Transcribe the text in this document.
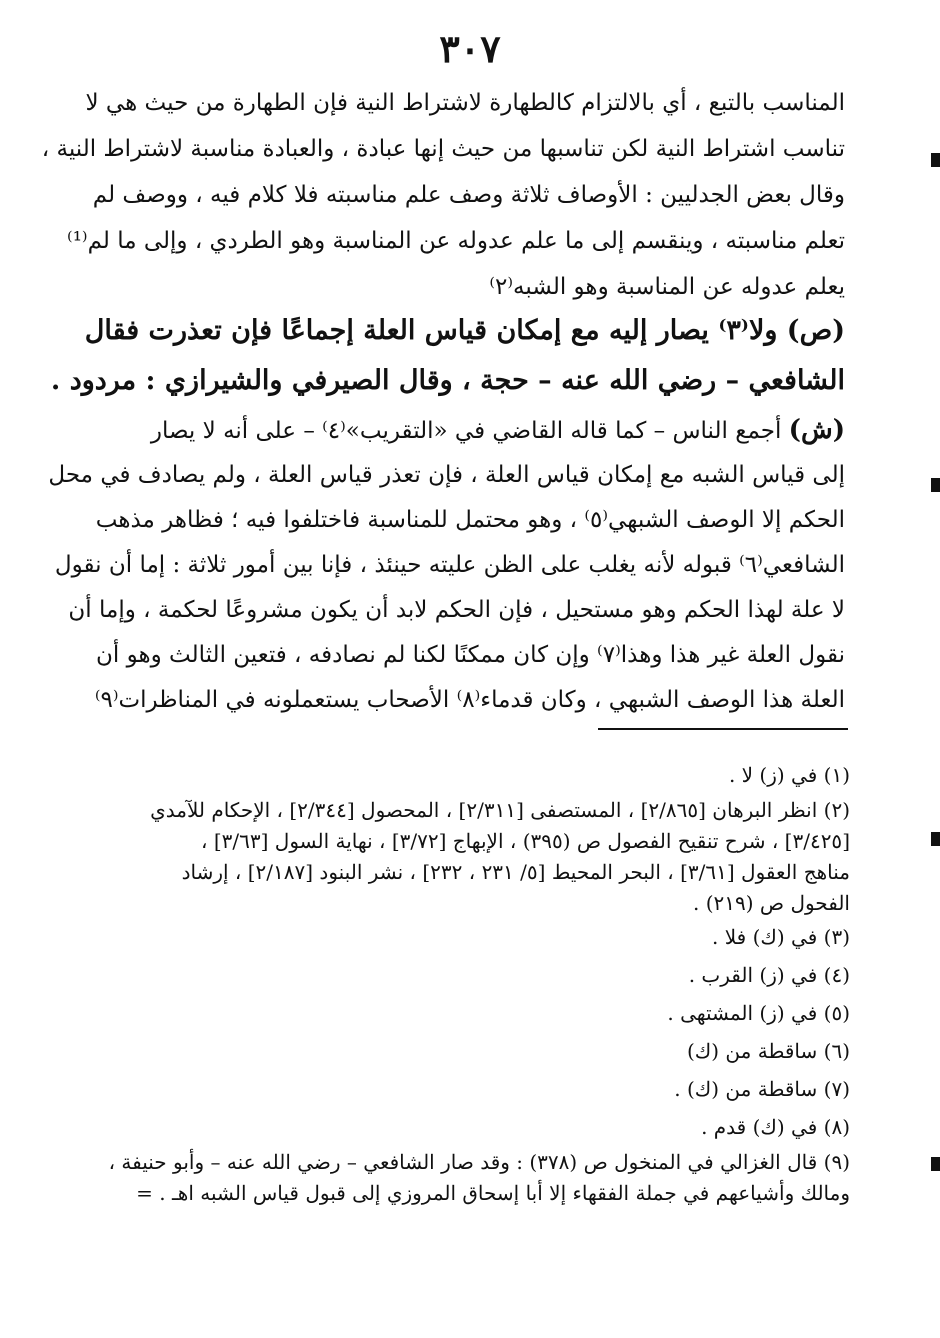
٣٠٧
المناسب بالتبع ، أي بالالتزام كالطهارة لاشتراط النية فإن الطهارة من حيث هي لا
تناسب اشتراط النية لكن تناسبها من حيث إنها عبادة ، والعبادة مناسبة لاشتراط النية ،
وقال بعض الجدليين : الأوصاف ثلاثة وصف علم مناسبته فلا كلام فيه ، ووصف لم
تعلم مناسبته ، وينقسم إلى ما علم عدوله عن المناسبة وهو الطردي ، وإلى ما لم⁽¹⁾
يعلم عدوله عن المناسبة وهو الشبه⁽٢⁾
(ص) ولا⁽٣⁾ يصار إليه مع إمكان قياس العلة إجماعًا فإن تعذرت فقال
الشافعي – رضي الله عنه – حجة ، وقال الصيرفي والشيرازي : مردود .
(ش) أجمع الناس – كما قاله القاضي في «التقريب»⁽٤⁾ – على أنه لا يصار
إلى قياس الشبه مع إمكان قياس العلة ، فإن تعذر قياس العلة ، ولم يصادف في محل
الحكم إلا الوصف الشبهي⁽٥⁾ ، وهو محتمل للمناسبة فاختلفوا فيه ؛ فظاهر مذهب
الشافعي⁽٦⁾ قبوله لأنه يغلب على الظن عليته حينئذ ، فإنا بين أمور ثلاثة : إما أن نقول
لا علة لهذا الحكم وهو مستحيل ، فإن الحكم لابد أن يكون مشروعًا لحكمة ، وإما أن
نقول العلة غير هذا وهذا⁽٧⁾ وإن كان ممكنًا لكنا لم نصادفه ، فتعين الثالث وهو أن
العلة هذا الوصف الشبهي ، وكان قدماء⁽٨⁾ الأصحاب يستعملونه في المناظرات⁽٩⁾
(١) في (ز) لا .
(٢) انظر البرهان [٢/٨٦٥] ، المستصفى [٢/٣١١] ، المحصول [٢/٣٤٤] ، الإحكام للآمدي
[٣/٤٢٥] ، شرح تنقيح الفصول ص (٣٩٥) ، الإبهاج [٣/٧٢] ، نهاية السول [٣/٦٣] ،
مناهج العقول [٣/٦١] ، البحر المحيط [٥/ ٢٣١ ، ٢٣٢] ، نشر البنود [٢/١٨٧] ، إرشاد
الفحول ص (٢١٩) .
(٣) في (ك) فلا .
(٤) في (ز) القرب .
(٥) في (ز) المشتهى .
(٦) ساقطة من (ك)
(٧) ساقطة من (ك) .
(٨) في (ك) قدم .
(٩) قال الغزالي في المنخول ص (٣٧٨) : وقد صار الشافعي – رضي الله عنه – وأبو حنيفة ،
ومالك وأشياعهم في جملة الفقهاء إلا أبا إسحاق المروزي إلى قبول قياس الشبه اهـ . =
